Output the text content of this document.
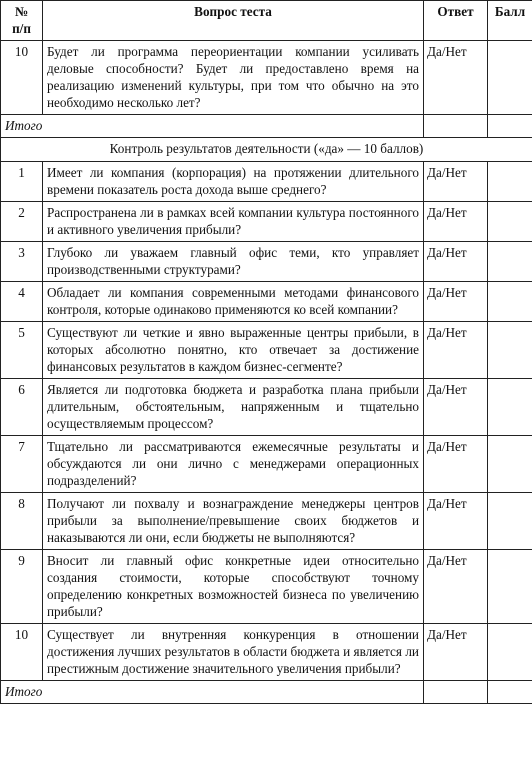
№
п/п	Вопрос теста	Ответ	Балл
10	Будет ли программа переориентации компании усиливать деловые способности? Будет ли предоставлено время на реализацию изменений культуры, при том что обычно на это необходимо несколько лет?	Да/Нет	
Итого			
Контроль результатов деятельности («да» — 10 баллов)			
1	Имеет ли компания (корпорация) на протяжении длительного времени показатель роста дохода выше среднего?	Да/Нет	
2	Распространена ли в рамках всей компании культура постоянного и активного увеличения прибыли?	Да/Нет	
3	Глубоко ли уважаем главный офис теми, кто управляет производственными структурами?	Да/Нет	
4	Обладает ли компания современными методами финансового контроля, которые одинаково применяются ко всей компании?	Да/Нет	
5	Существуют ли четкие и явно выраженные центры прибыли, в которых абсолютно понятно, кто отвечает за достижение финансовых результатов в каждом бизнес-сегменте?	Да/Нет	
6	Является ли подготовка бюджета и разработка плана прибыли длительным, обстоятельным, напряженным и тщательно осуществляемым процессом?	Да/Нет	
7	Тщательно ли рассматриваются ежемесячные результаты и обсуждаются ли они лично с менеджерами операционных подразделений?	Да/Нет	
8	Получают ли похвалу и вознаграждение менеджеры центров прибыли за выполнение/превышение своих бюджетов и наказываются ли они, если бюджеты не выполняются?	Да/Нет	
9	Вносит ли главный офис конкретные идеи относительно создания стоимости, которые способствуют точному определению конкретных возможностей бизнеса по увеличению прибыли?	Да/Нет	
10	Существует ли внутренняя конкуренция в отношении достижения лучших результатов в области бюджета и является ли престижным достижение значительного увеличения прибыли?	Да/Нет	
Итого			
